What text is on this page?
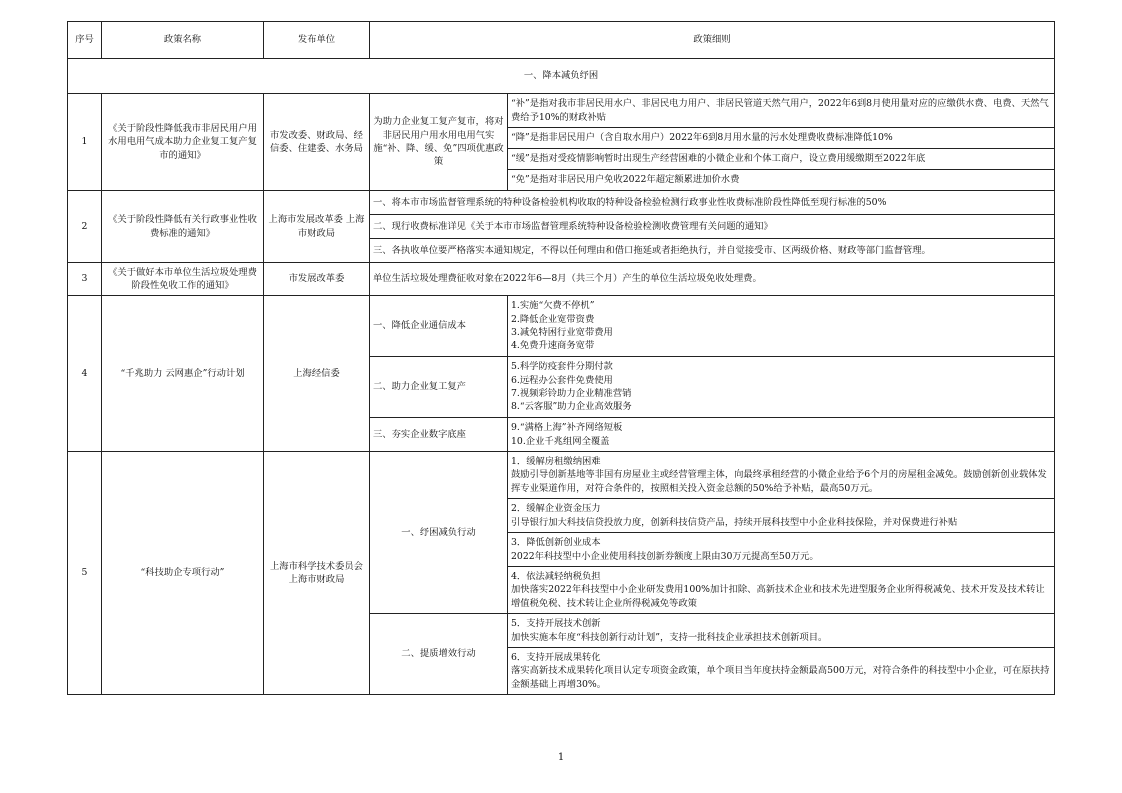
序号	政策名称	发布单位	政策细则	
一、降本减负纾困				
1	《关于阶段性降低我市非居民用户用水用电用气成本助力企业复工复产复市的通知》	市发改委、财政局、经信委、住建委、水务局	为助力企业复工复产复市，将对非居民用户用水用电用气实施“补、降、缓、免”四项优惠政策	“补”是指对我市非居民用水户、非居民电力用户、非居民管道天然气用户，2022年6到8月使用量对应的应缴供水费、电费、天然气费给予10%的财政补贴
				“降”是指非居民用户（含自取水用户）2022年6到8月用水量的污水处理费收费标准降低10%
				“缓”是指对受疫情影响暂时出现生产经营困难的小微企业和个体工商户，设立费用缓缴期至2022年底
				“免”是指对非居民用户免收2022年超定额累进加价水费
2	《关于阶段性降低有关行政事业性收费标准的通知》	上海市发展改革委 上海市财政局	一、将本市市场监督管理系统的特种设备检验机构收取的特种设备检验检测行政事业性收费标准阶段性降低至现行标准的50%	
			二、现行收费标准详见《关于本市市场监督管理系统特种设备检验检测收费管理有关问题的通知》	
			三、各执收单位要严格落实本通知规定，不得以任何理由和借口拖延或者拒绝执行，并自觉接受市、区两级价格、财政等部门监督管理。	
3	《关于做好本市单位生活垃圾处理费阶段性免收工作的通知》	市发展改革委	单位生活垃圾处理费征收对象在2022年6—8月（共三个月）产生的单位生活垃圾免收处理费。	
4	“千兆助力 云网惠企”行动计划	上海经信委	一、降低企业通信成本	1.实施“欠费不停机”
2.降低企业宽带资费
3.减免特困行业宽带费用
4.免费升速商务宽带

			二、助力企业复工复产	5.科学防疫套件分期付款
6.远程办公套件免费使用
7.视频彩铃助力企业精准营销
8.“云客服”助力企业高效服务

			三、夯实企业数字底座	9.“满格上海”补齐网络短板
10.企业千兆组网全覆盖

5	“科技助企专项行动”	上海市科学技术委员会 上海市财政局	一、纾困减负行动	1．缓解房租缴纳困难
鼓励引导创新基地等非国有房屋业主或经营管理主体，向最终承租经营的小微企业给予6个月的房屋租金减免。鼓励创新创业载体发挥专业渠道作用，对符合条件的，按照相关投入资金总额的50%给予补贴，最高50万元。

				2．缓解企业资金压力
引导银行加大科技信贷投放力度，创新科技信贷产品，持续开展科技型中小企业科技保险，并对保费进行补贴

				3．降低创新创业成本
2022年科技型中小企业使用科技创新券额度上限由30万元提高至50万元。

				4．依法减轻纳税负担
加快落实2022年科技型中小企业研发费用100%加计扣除、高新技术企业和技术先进型服务企业所得税减免、技术开发及技术转让增值税免税、技术转让企业所得税减免等政策

			二、提质增效行动	5．支持开展技术创新
加快实施本年度“科技创新行动计划”，支持一批科技企业承担技术创新项目。

				6．支持开展成果转化
落实高新技术成果转化项目认定专项资金政策，单个项目当年度扶持金额最高500万元，对符合条件的科技型中小企业，可在原扶持金额基础上再增30%。
1
